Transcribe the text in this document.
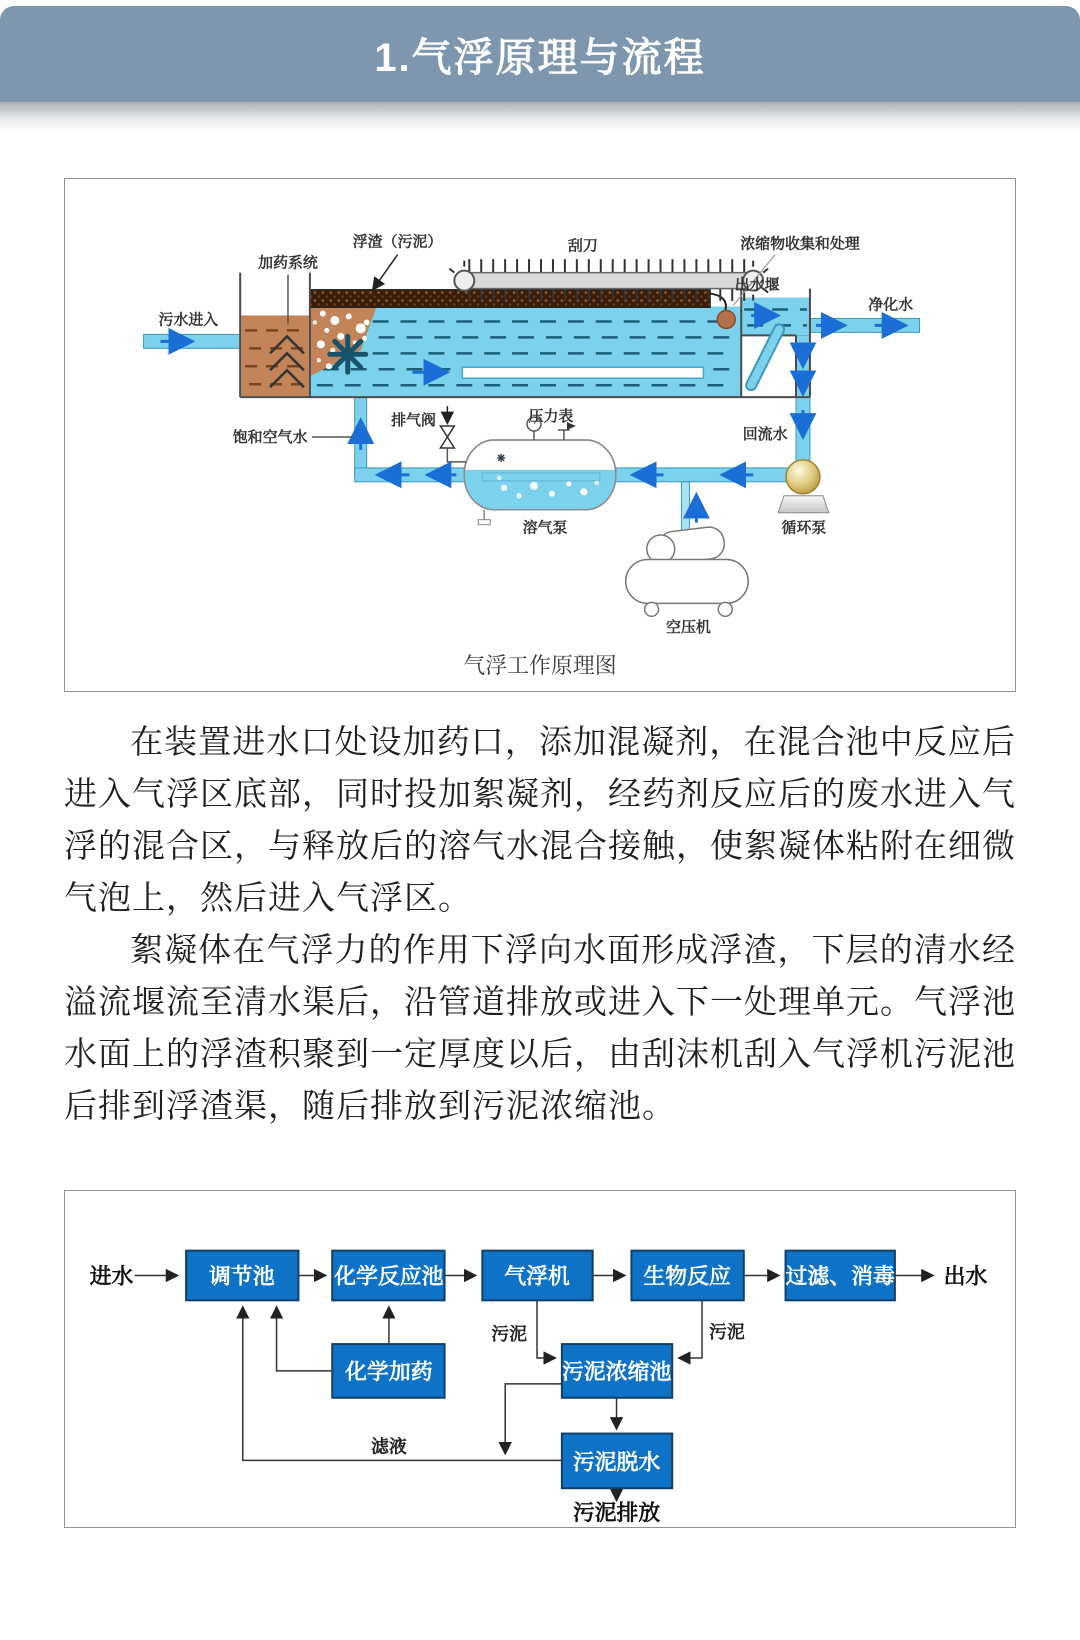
1.气浮原理与流程
污水进入
加药系统
浮渣（污泥）	刮刀	浓缩物收集和处理
出水堰
净化水
饱和空气水
排气阀	压力表
回流水
溶气泵	循环泵
空压机
气浮工作原理图

在装置进水口处设加药口，添加混凝剂，在混合池中反应后进入气浮区底部，同时投加絮凝剂，经药剂反应后的废水进入气浮的混合区，与释放后的溶气水混合接触，使絮凝体粘附在细微气泡上，然后进入气浮区。

絮凝体在气浮力的作用下浮向水面形成浮渣，下层的清水经溢流堰流至清水渠后，沿管道排放或进入下一处理单元。气浮池水面上的浮渣积聚到一定厚度以后，由刮沫机刮入气浮机污泥池后排到浮渣渠，随后排放到污泥浓缩池。

调节池	化学反应池	气浮机	生物反应 过滤、消毒
化学加药	污泥浓缩池
污泥脱水
进水	出水
污泥	污泥
滤液
污泥排放
